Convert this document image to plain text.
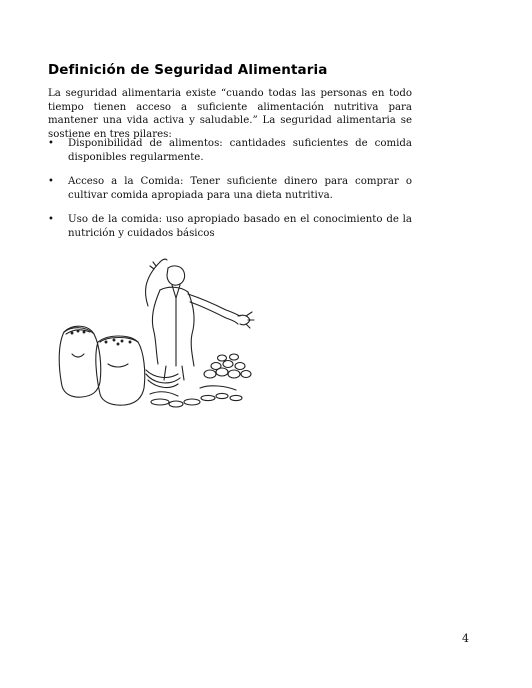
Definición de Seguridad Alimentaria

La seguridad alimentaria existe “cuando todas las personas en todo tiempo tienen acceso a suficiente alimentación nutritiva para mantener una vida activa y saludable.” La seguridad alimentaria se sostiene en tres pilares:

• Disponibilidad de alimentos: cantidades suficientes de comida disponibles regularmente.
• Acceso a la Comida: Tener suficiente dinero para comprar o cultivar comida apropiada para una dieta nutritiva.
• Uso de la comida: uso apropiado basado en el conocimiento de la nutrición y cuidados básicos

4
